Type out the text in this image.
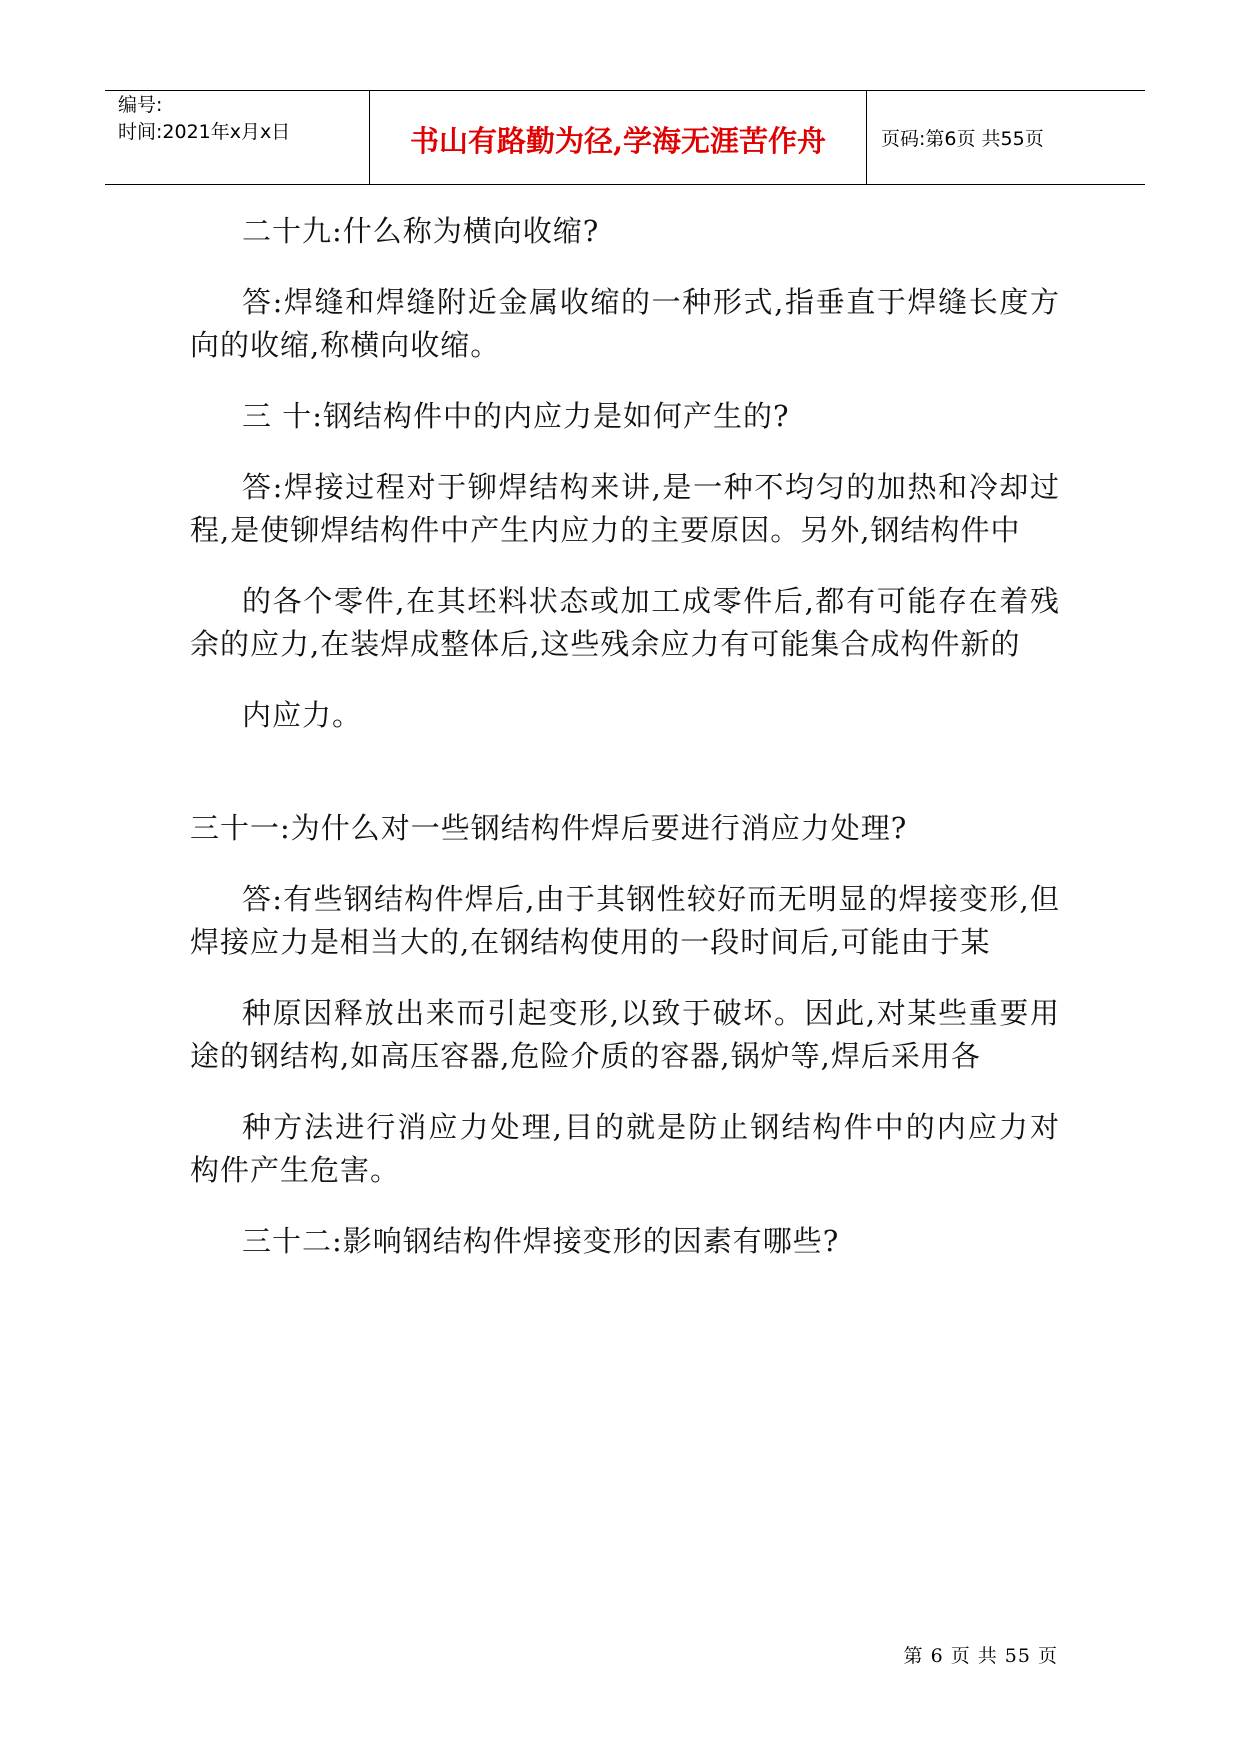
编号:
时间:2021年x月x日	书山有路勤为径,学海无涯苦作舟	页码:第6页 共55页

二十九:什么称为横向收缩?

答:焊缝和焊缝附近金属收缩的一种形式,指垂直于焊缝长度方向的收缩,称横向收缩。

三 十:钢结构件中的内应力是如何产生的?

答:焊接过程对于铆焊结构来讲,是一种不均匀的加热和冷却过程,是使铆焊结构件中产生内应力的主要原因。另外,钢结构件中

的各个零件,在其坯料状态或加工成零件后,都有可能存在着残余的应力,在装焊成整体后,这些残余应力有可能集合成构件新的

内应力。

三十一:为什么对一些钢结构件焊后要进行消应力处理?

答:有些钢结构件焊后,由于其钢性较好而无明显的焊接变形,但焊接应力是相当大的,在钢结构使用的一段时间后,可能由于某

种原因释放出来而引起变形,以致于破坏。因此,对某些重要用途的钢结构,如高压容器,危险介质的容器,锅炉等,焊后采用各

种方法进行消应力处理,目的就是防止钢结构件中的内应力对构件产生危害。

三十二:影响钢结构件焊接变形的因素有哪些?

第 6 页 共 55 页
